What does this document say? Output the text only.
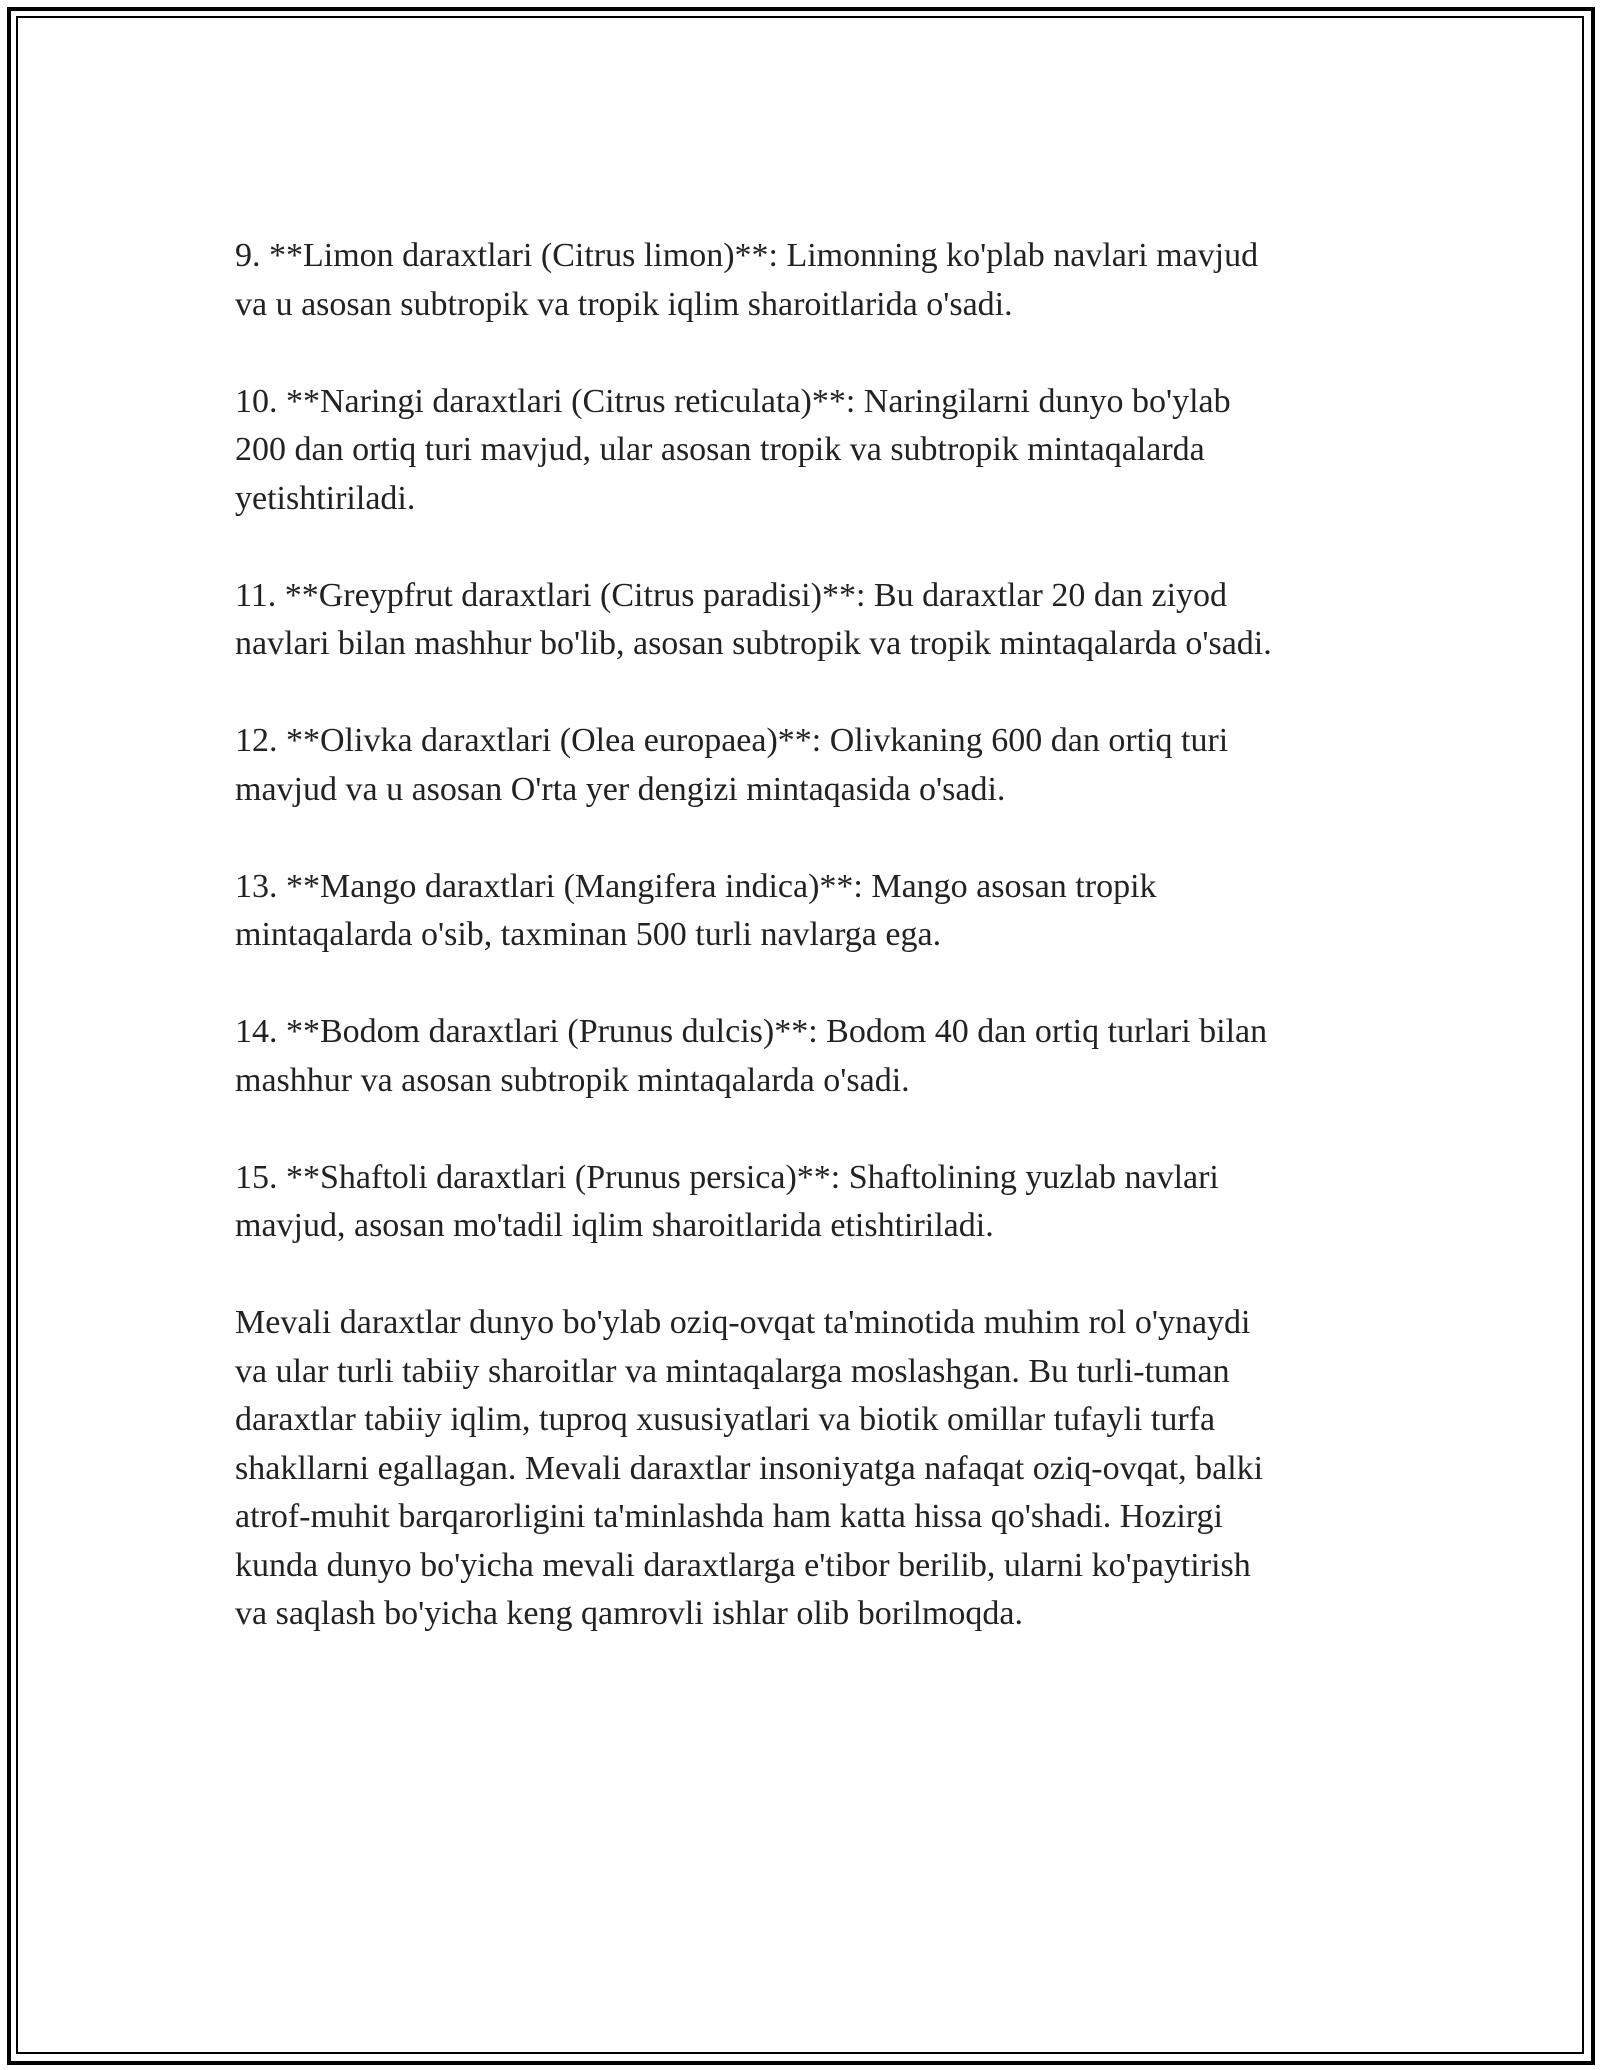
9. **Limon daraxtlari (Citrus limon)**: Limonning ko'plab navlari mavjud
va u asosan subtropik va tropik iqlim sharoitlarida o'sadi.

10. **Naringi daraxtlari (Citrus reticulata)**: Naringilarni dunyo bo'ylab
200 dan ortiq turi mavjud, ular asosan tropik va subtropik mintaqalarda
yetishtiriladi.

11. **Greypfrut daraxtlari (Citrus paradisi)**: Bu daraxtlar 20 dan ziyod
navlari bilan mashhur bo'lib, asosan subtropik va tropik mintaqalarda o'sadi.

12. **Olivka daraxtlari (Olea europaea)**: Olivkaning 600 dan ortiq turi
mavjud va u asosan O'rta yer dengizi mintaqasida o'sadi.

13. **Mango daraxtlari (Mangifera indica)**: Mango asosan tropik
mintaqalarda o'sib, taxminan 500 turli navlarga ega.

14. **Bodom daraxtlari (Prunus dulcis)**: Bodom 40 dan ortiq turlari bilan
mashhur va asosan subtropik mintaqalarda o'sadi.

15. **Shaftoli daraxtlari (Prunus persica)**: Shaftolining yuzlab navlari
mavjud, asosan mo'tadil iqlim sharoitlarida etishtiriladi.

Mevali daraxtlar dunyo bo'ylab oziq-ovqat ta'minotida muhim rol o'ynaydi
va ular turli tabiiy sharoitlar va mintaqalarga moslashgan. Bu turli-tuman
daraxtlar tabiiy iqlim, tuproq xususiyatlari va biotik omillar tufayli turfa
shakllarni egallagan. Mevali daraxtlar insoniyatga nafaqat oziq-ovqat, balki
atrof-muhit barqarorligini ta'minlashda ham katta hissa qo'shadi. Hozirgi
kunda dunyo bo'yicha mevali daraxtlarga e'tibor berilib, ularni ko'paytirish
va saqlash bo'yicha keng qamrovli ishlar olib borilmoqda.
